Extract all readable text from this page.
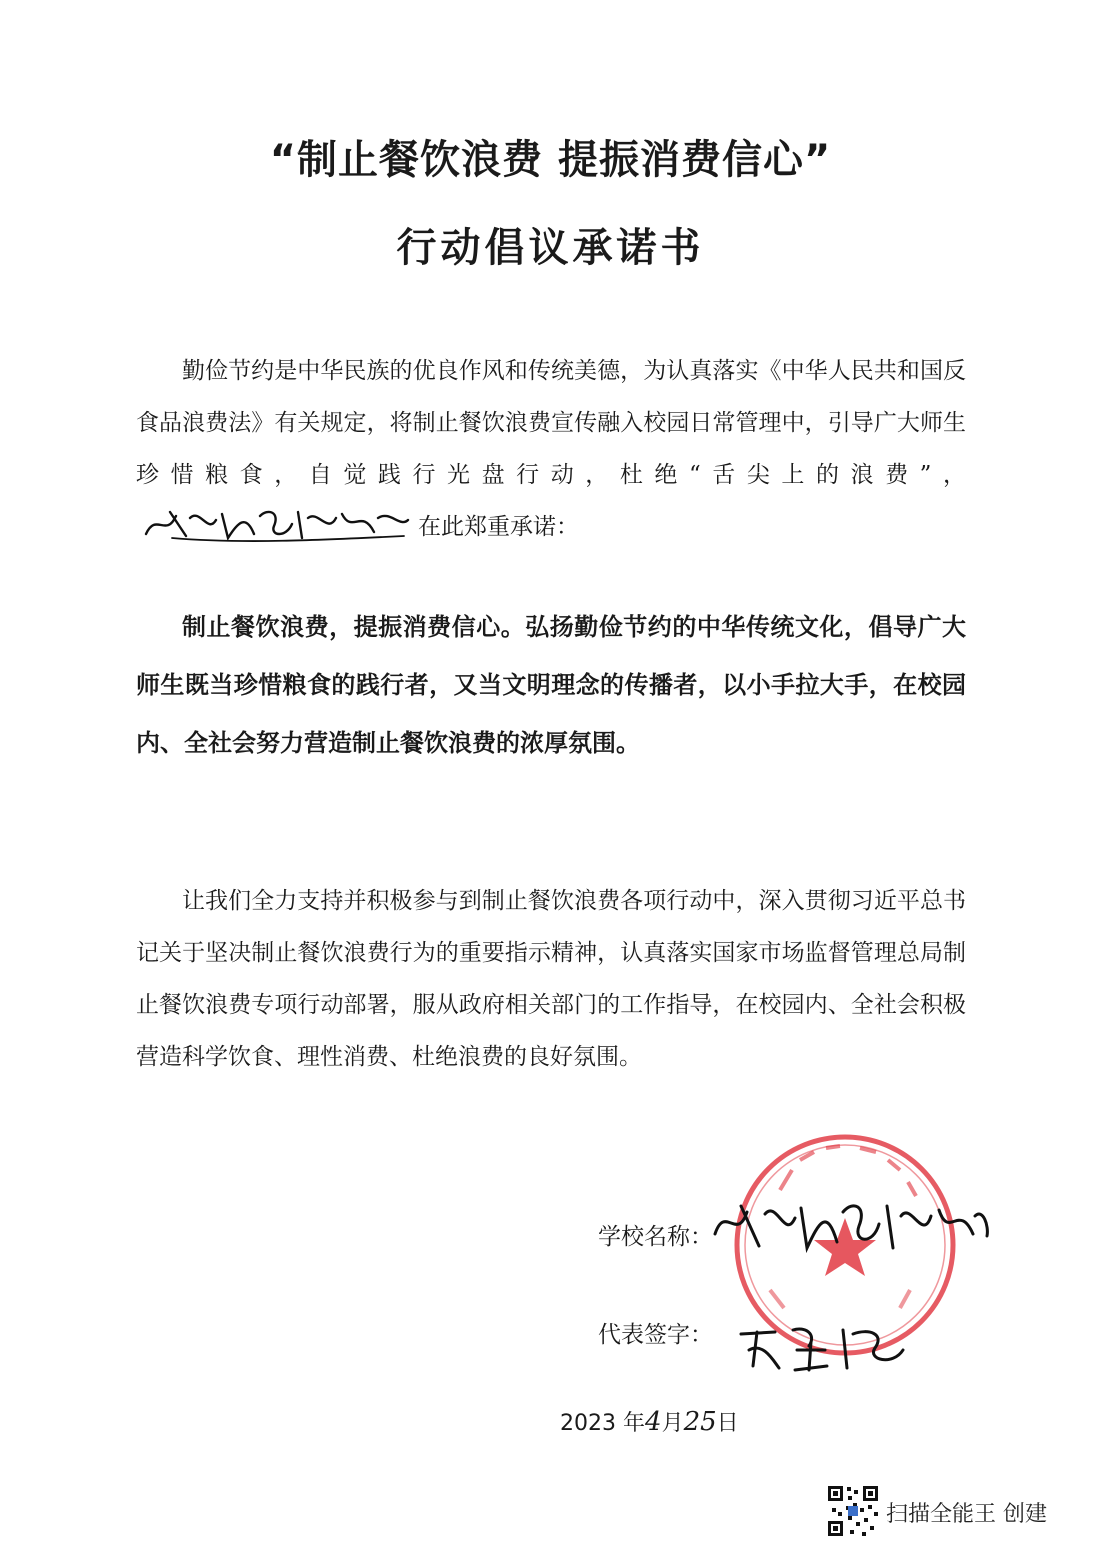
“制止餐饮浪费 提振消费信心”
行动倡议承诺书
勤俭节约是中华民族的优良作风和传统美德，为认真落实《中华人民共和国反食品浪费法》有关规定，将制止餐饮浪费宣传融入校园日常管理中，引导广大师生珍惜粮食，自觉践行光盘行动，杜绝“舌尖上的浪费”，在此郑重承诺：
制止餐饮浪费，提振消费信心。弘扬勤俭节约的中华传统文化，倡导广大师生既当珍惜粮食的践行者，又当文明理念的传播者，以小手拉大手，在校园内、全社会努力营造制止餐饮浪费的浓厚氛围。
让我们全力支持并积极参与到制止餐饮浪费各项行动中，深入贯彻习近平总书记关于坚决制止餐饮浪费行为的重要指示精神，认真落实国家市场监督管理总局制止餐饮浪费专项行动部署，服从政府相关部门的工作指导，在校园内、全社会积极营造科学饮食、理性消费、杜绝浪费的良好氛围。
学校名称：
代表签字：
2023 年4月25日
扫描全能王 创建
